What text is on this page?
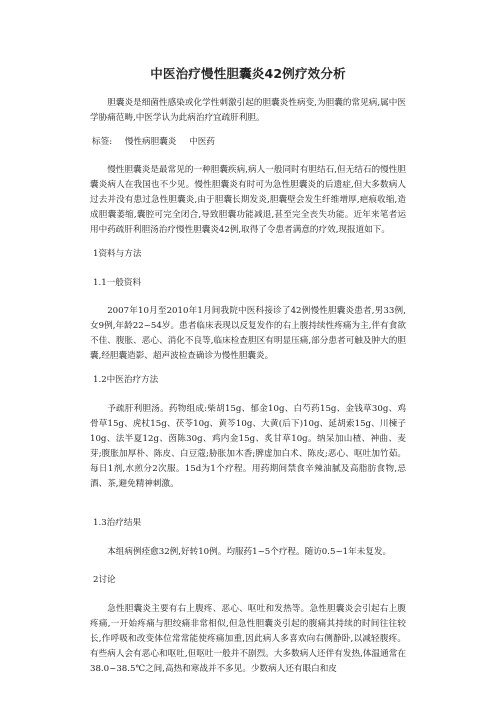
中医治疗慢性胆囊炎42例疗效分析
胆囊炎是细菌性感染或化学性刺激引起的胆囊炎性病变,为胆囊的常见病,属中医学胁痛范畴,中医学认为此病治疗宜疏肝利胆。
标签: 慢性病胆囊炎 中医药
慢性胆囊炎是最常见的一种胆囊疾病,病人一般同时有胆结石,但无结石的慢性胆囊炎病人在我国也不少见。慢性胆囊炎有时可为急性胆囊炎的后遗症,但大多数病人过去并没有患过急性胆囊炎,由于胆囊长期发炎,胆囊壁会发生纤维增厚,疤痕收缩,造成胆囊萎缩,囊腔可完全闭合,导致胆囊功能减退,甚至完全丧失功能。近年来笔者运用中药疏肝利胆汤治疗慢性胆囊炎42例,取得了令患者满意的疗效,现报道如下。
1资料与方法
1.1一般资料
2007年10月至2010年1月间我院中医科接诊了42例慢性胆囊炎患者,男33例,女9例,年龄22~54岁。患者临床表现以反复发作的右上腹持续性疼痛为主,伴有食欲不佳、腹胀、恶心、消化不良等,临床检查胆区有明显压痛,部分患者可触及肿大的胆囊,经胆囊造影、超声波检查确诊为慢性胆囊炎。
1.2中医治疗方法
予疏肝利胆汤。药物组成:柴胡15g、郁金10g、白芍药15g、金钱草30g、鸡骨草15g、虎杖15g、茯苓10g、黄芩10g、大黄(后下)10g、延胡索15g、川楝子10g、法半夏12g、茵陈30g、鸡内金15g、炙甘草10g。纳呆加山楂、神曲、麦芽;腹胀加厚朴、陈皮、白豆蔻;胁胀加木香;脾虚加白术、陈皮;恶心、呕吐加竹茹。每日1剂,水煎分2次服。15d为1个疗程。用药期间禁食辛辣油腻及高脂肪食物,忌酒、茶,避免精神刺激。
1.3治疗结果
本组病例痊愈32例,好转10例。均服药1~5个疗程。随访0.5~1年未复发。
2讨论
急性胆囊炎主要有右上腹疼、恶心、呕吐和发热等。急性胆囊炎会引起右上腹疼痛,一开始疼痛与胆绞痛非常相似,但急性胆囊炎引起的腹痛其持续的时间往往较长,作呼吸和改变体位常常能使疼痛加重,因此病人多喜欢向右侧静卧,以减轻腹疼。有些病人会有恶心和呕吐,但呕吐一般并不剧烈。大多数病人还伴有发热,体温通常在38.0~38.5℃之间,高热和寒战并不多见。少数病人还有眼白和皮
